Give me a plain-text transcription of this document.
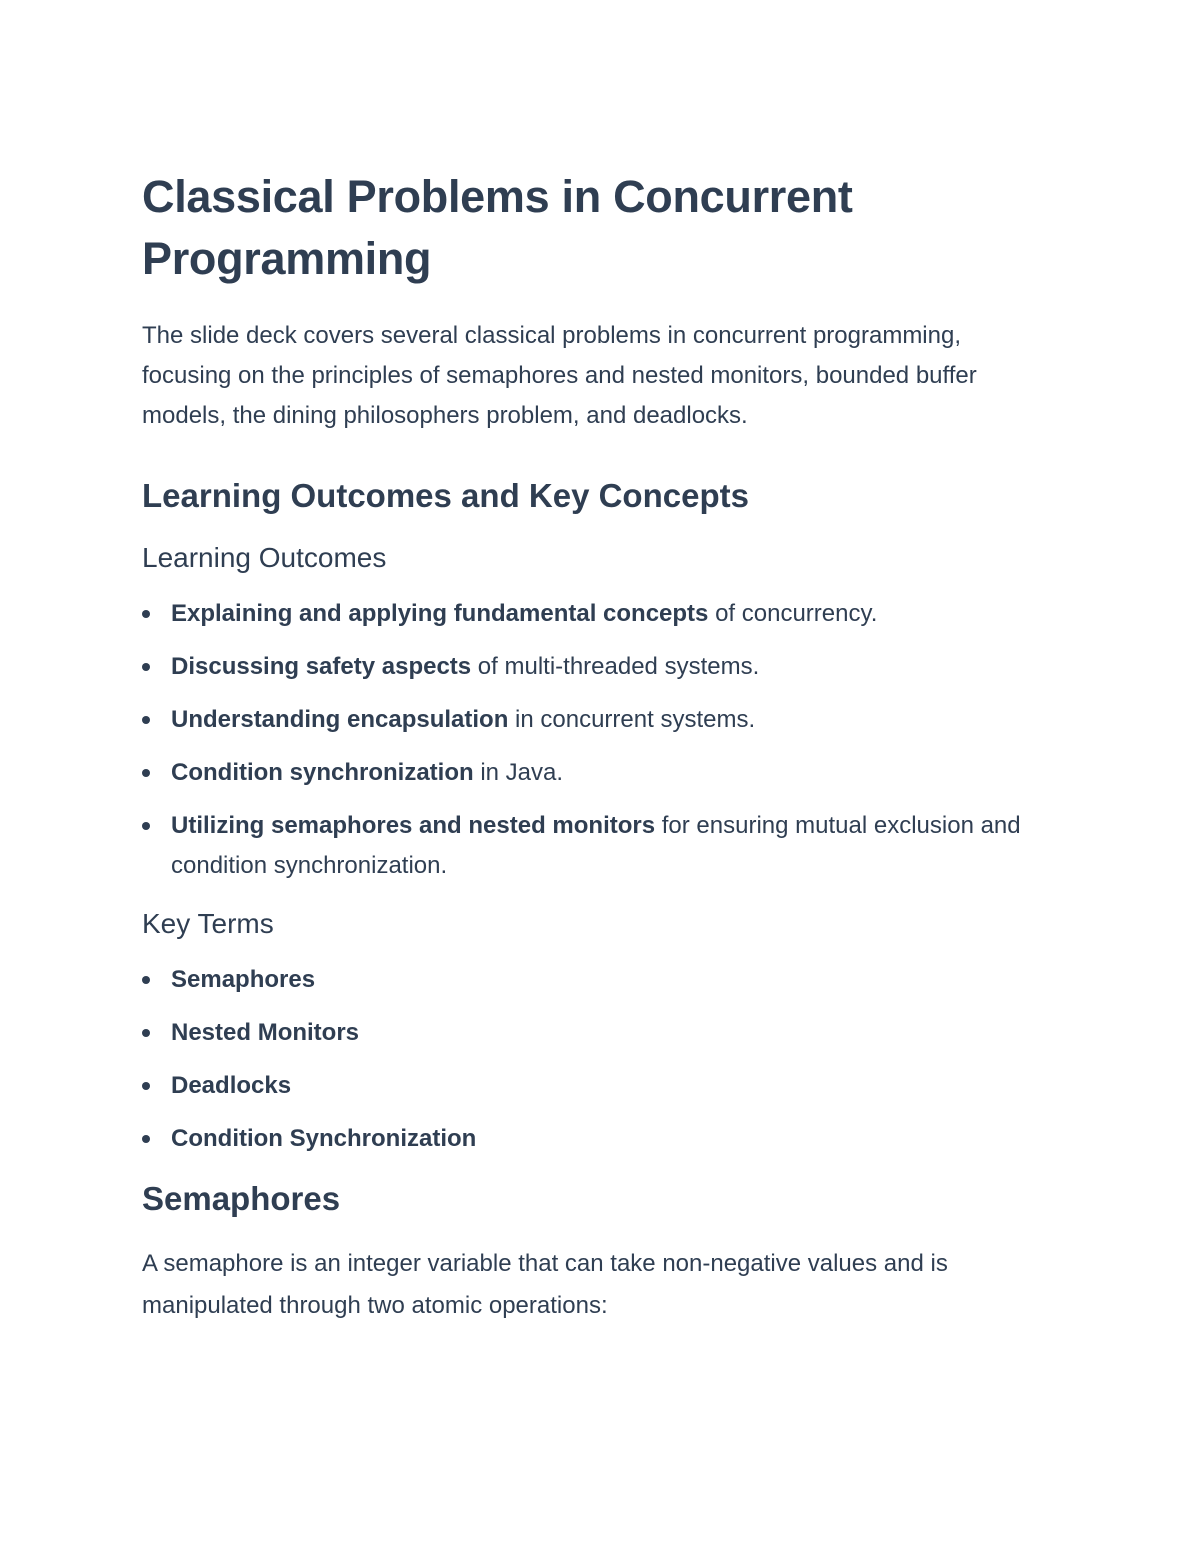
Classical Problems in Concurrent Programming

The slide deck covers several classical problems in concurrent programming, focusing on the principles of semaphores and nested monitors, bounded buffer models, the dining philosophers problem, and deadlocks.

Learning Outcomes and Key Concepts
Learning Outcomes
Explaining and applying fundamental concepts of concurrency.
Discussing safety aspects of multi-threaded systems.
Understanding encapsulation in concurrent systems.
Condition synchronization in Java.
Utilizing semaphores and nested monitors for ensuring mutual exclusion and condition synchronization.
Key Terms
Semaphores
Nested Monitors
Deadlocks
Condition Synchronization
Semaphores

A semaphore is an integer variable that can take non-negative values and is manipulated through two atomic operations:
